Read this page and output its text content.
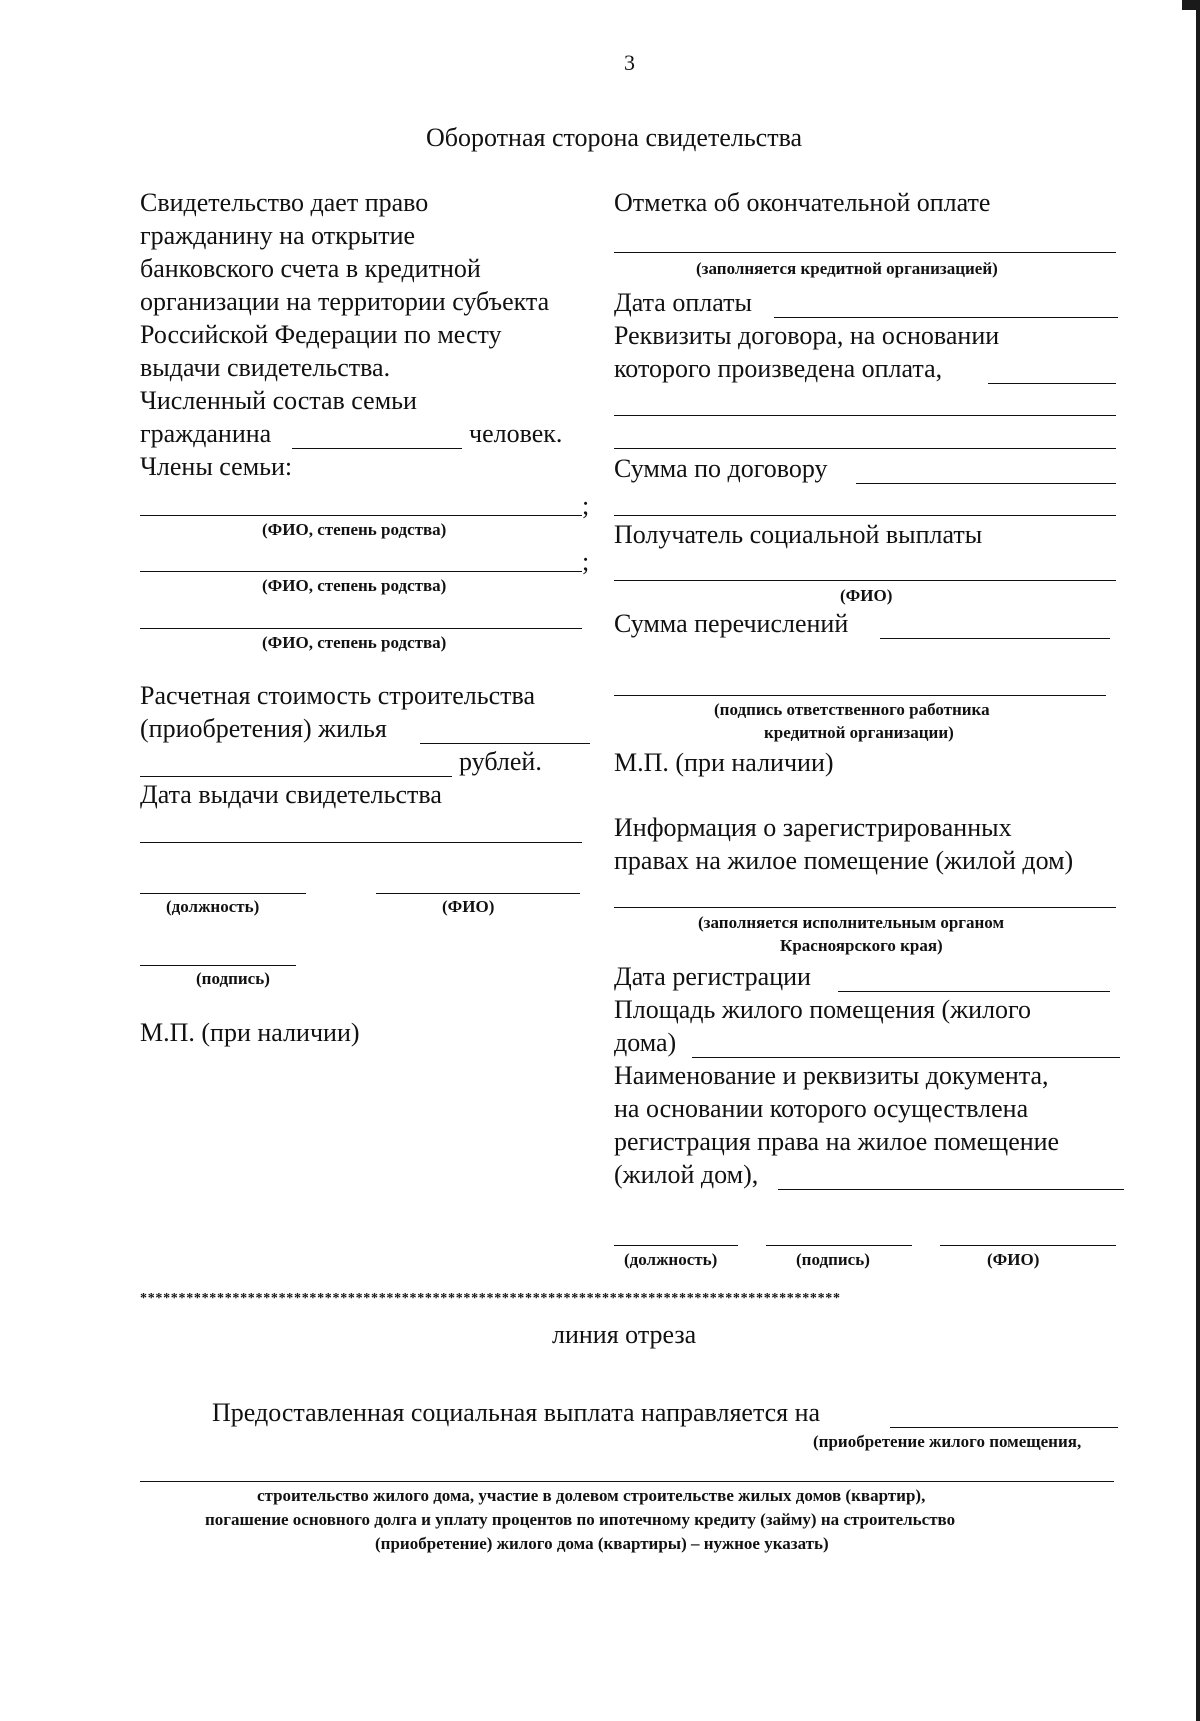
3
Оборотная сторона свидетельства
Свидетельство дает право
гражданину на открытие
банковского счета в кредитной
организации на территории субъекта
Российской Федерации по месту
выдачи свидетельства.
Численный состав семьи
гражданина	человек.
Члены семьи:
;
(ФИО, степень родства)
;
(ФИО, степень родства)
(ФИО, степень родства)
Расчетная стоимость строительства
(приобретения) жилья
рублей.
Дата выдачи свидетельства
(должность)	(ФИО)
(подпись)
М.П. (при наличии)
Отметка об окончательной оплате
(заполняется кредитной организацией)
Дата оплаты
Реквизиты договора, на основании
которого произведена оплата,
Сумма по договору
Получатель социальной выплаты
(ФИО)
Сумма перечислений
(подпись ответственного работника
кредитной организации)
М.П. (при наличии)
Информация о зарегистрированных
правах на жилое помещение (жилой дом)
(заполняется исполнительным органом
Красноярского края)
Дата регистрации
Площадь жилого помещения (жилого
дома)
Наименование и реквизиты документа,
на основании которого осуществлена
регистрация права на жилое помещение
(жилой дом),
(должность)	(подпись)	(ФИО)
*******************************************************************************************
линия отреза
Предоставленная социальная выплата направляется на
(приобретение жилого помещения,
строительство жилого дома, участие в долевом строительстве жилых домов (квартир),
погашение основного долга и уплату процентов по ипотечному кредиту (займу) на строительство
(приобретение) жилого дома (квартиры) – нужное указать)
